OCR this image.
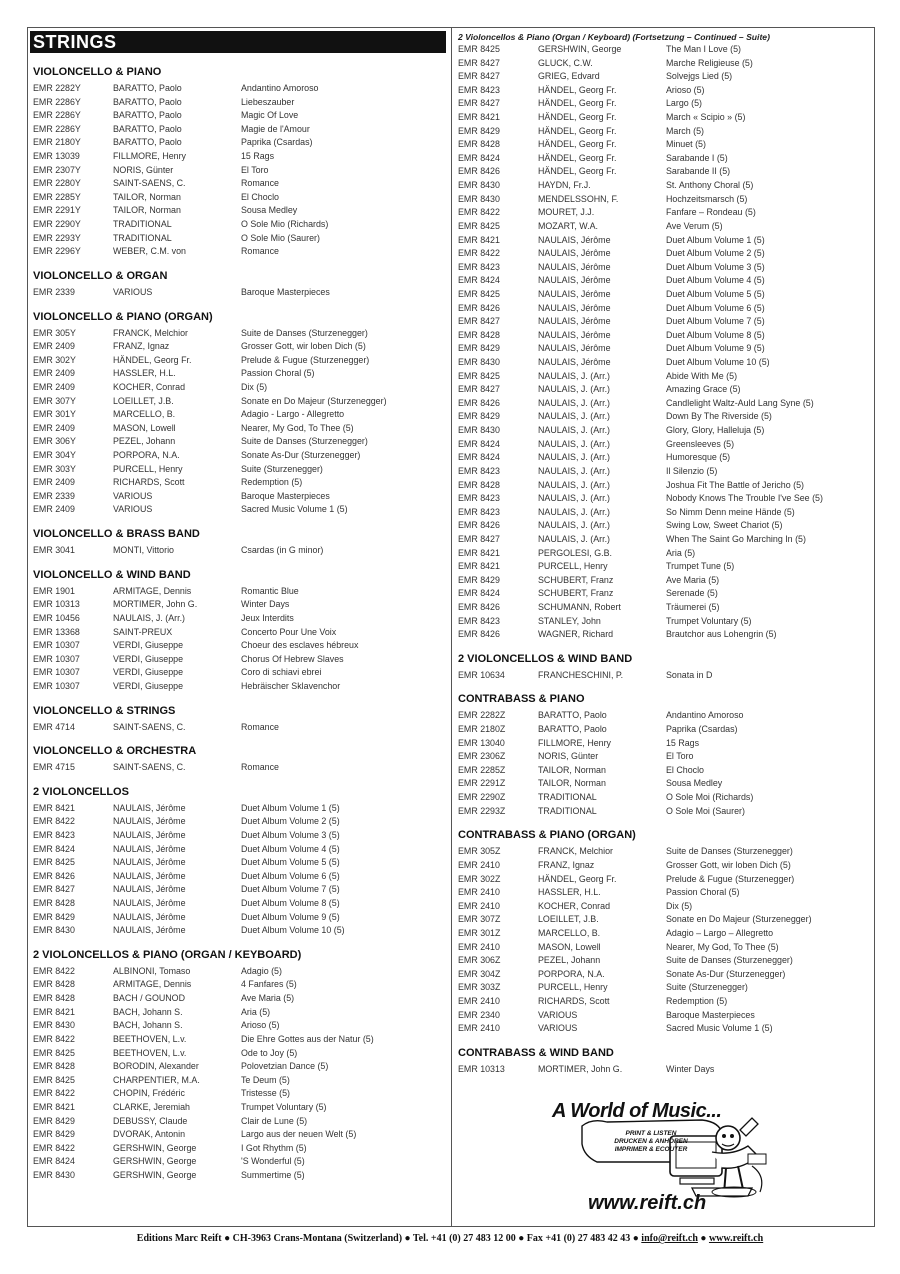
STRINGS
VIOLONCELLO & PIANO
EMR 2282Y	BARATTO, Paolo	Andantino Amoroso
EMR 2286Y	BARATTO, Paolo	Liebeszauber
EMR 2286Y	BARATTO, Paolo	Magic Of Love
EMR 2286Y	BARATTO, Paolo	Magie de l'Amour
EMR 2180Y	BARATTO, Paolo	Paprika (Csardas)
EMR 13039	FILLMORE, Henry	15 Rags
EMR 2307Y	NORIS, Günter	El Toro
EMR 2280Y	SAINT-SAENS, C.	Romance
EMR 2285Y	TAILOR, Norman	El Choclo
EMR 2291Y	TAILOR, Norman	Sousa Medley
EMR 2290Y	TRADITIONAL	O Sole Mio (Richards)
EMR 2293Y	TRADITIONAL	O Sole Mio (Saurer)
EMR 2296Y	WEBER, C.M. von	Romance
VIOLONCELLO & ORGAN
EMR 2339	VARIOUS	Baroque Masterpieces
VIOLONCELLO & PIANO (ORGAN)
EMR 305Y	FRANCK, Melchior	Suite de Danses (Sturzenegger)
EMR 2409	FRANZ, Ignaz	Grosser Gott, wir loben Dich (5)
EMR 302Y	HÄNDEL, Georg Fr.	Prelude & Fugue (Sturzenegger)
EMR 2409	HASSLER, H.L.	Passion Choral (5)
EMR 2409	KOCHER, Conrad	Dix (5)
EMR 307Y	LOEILLET, J.B.	Sonate en Do Majeur (Sturzenegger)
EMR 301Y	MARCELLO, B.	Adagio - Largo - Allegretto
EMR 2409	MASON, Lowell	Nearer, My God, To Thee (5)
EMR 306Y	PEZEL, Johann	Suite de Danses (Sturzenegger)
EMR 304Y	PORPORA, N.A.	Sonate As-Dur (Sturzenegger)
EMR 303Y	PURCELL, Henry	Suite (Sturzenegger)
EMR 2409	RICHARDS, Scott	Redemption (5)
EMR 2339	VARIOUS	Baroque Masterpieces
EMR 2409	VARIOUS	Sacred Music Volume 1 (5)
VIOLONCELLO & BRASS BAND
EMR 3041	MONTI, Vittorio	Csardas (in G minor)
VIOLONCELLO & WIND BAND
EMR 1901	ARMITAGE, Dennis	Romantic Blue
EMR 10313	MORTIMER, John G.	Winter Days
EMR 10456	NAULAIS, J. (Arr.)	Jeux Interdits
EMR 13368	SAINT-PREUX	Concerto Pour Une Voix
EMR 10307	VERDI, Giuseppe	Choeur des esclaves hébreux
EMR 10307	VERDI, Giuseppe	Chorus Of Hebrew Slaves
EMR 10307	VERDI, Giuseppe	Coro di schiavi ebrei
EMR 10307	VERDI, Giuseppe	Hebräischer Sklavenchor
VIOLONCELLO & STRINGS
EMR 4714	SAINT-SAENS, C.	Romance
VIOLONCELLO & ORCHESTRA
EMR 4715	SAINT-SAENS, C.	Romance
2 VIOLONCELLOS
EMR 8421	NAULAIS, Jérôme	Duet Album Volume 1 (5)
EMR 8422	NAULAIS, Jérôme	Duet Album Volume 2 (5)
EMR 8423	NAULAIS, Jérôme	Duet Album Volume 3 (5)
EMR 8424	NAULAIS, Jérôme	Duet Album Volume 4 (5)
EMR 8425	NAULAIS, Jérôme	Duet Album Volume 5 (5)
EMR 8426	NAULAIS, Jérôme	Duet Album Volume 6 (5)
EMR 8427	NAULAIS, Jérôme	Duet Album Volume 7 (5)
EMR 8428	NAULAIS, Jérôme	Duet Album Volume 8 (5)
EMR 8429	NAULAIS, Jérôme	Duet Album Volume 9 (5)
EMR 8430	NAULAIS, Jérôme	Duet Album Volume 10 (5)
2 VIOLONCELLOS & PIANO (ORGAN / KEYBOARD)
EMR 8422	ALBINONI, Tomaso	Adagio (5)
EMR 8428	ARMITAGE, Dennis	4 Fanfares (5)
EMR 8428	BACH / GOUNOD	Ave Maria (5)
EMR 8421	BACH, Johann S.	Aria (5)
EMR 8430	BACH, Johann S.	Arioso (5)
EMR 8422	BEETHOVEN, L.v.	Die Ehre Gottes aus der Natur (5)
EMR 8425	BEETHOVEN, L.v.	Ode to Joy (5)
EMR 8428	BORODIN, Alexander	Polovetzian Dance (5)
EMR 8425	CHARPENTIER, M.A.	Te Deum (5)
EMR 8422	CHOPIN, Frédéric	Tristesse (5)
EMR 8421	CLARKE, Jeremiah	Trumpet Voluntary (5)
EMR 8429	DEBUSSY, Claude	Clair de Lune (5)
EMR 8429	DVORAK, Antonin	Largo aus der neuen Welt (5)
EMR 8422	GERSHWIN, George	I Got Rhythm (5)
EMR 8424	GERSHWIN, George	'S Wonderful (5)
EMR 8430	GERSHWIN, George	Summertime (5)
2 Violoncellos & Piano (Organ / Keyboard) (Fortsetzung – Continued – Suite)
EMR 8425	GERSHWIN, George	The Man I Love (5)
EMR 8427	GLUCK, C.W.	Marche Religieuse (5)
EMR 8427	GRIEG, Edvard	Solvejgs Lied (5)
EMR 8423	HÄNDEL, Georg Fr.	Arioso (5)
EMR 8427	HÄNDEL, Georg Fr.	Largo (5)
EMR 8421	HÄNDEL, Georg Fr.	March « Scipio » (5)
EMR 8429	HÄNDEL, Georg Fr.	March (5)
EMR 8428	HÄNDEL, Georg Fr.	Minuet (5)
EMR 8424	HÄNDEL, Georg Fr.	Sarabande I (5)
EMR 8426	HÄNDEL, Georg Fr.	Sarabande II (5)
EMR 8430	HAYDN, Fr.J.	St. Anthony Choral (5)
EMR 8430	MENDELSSOHN, F.	Hochzeitsmarsch (5)
EMR 8422	MOURET, J.J.	Fanfare – Rondeau (5)
EMR 8425	MOZART, W.A.	Ave Verum (5)
EMR 8421	NAULAIS, Jérôme	Duet Album Volume 1 (5)
EMR 8422	NAULAIS, Jérôme	Duet Album Volume 2 (5)
EMR 8423	NAULAIS, Jérôme	Duet Album Volume 3 (5)
EMR 8424	NAULAIS, Jérôme	Duet Album Volume 4 (5)
EMR 8425	NAULAIS, Jérôme	Duet Album Volume 5 (5)
EMR 8426	NAULAIS, Jérôme	Duet Album Volume 6 (5)
EMR 8427	NAULAIS, Jérôme	Duet Album Volume 7 (5)
EMR 8428	NAULAIS, Jérôme	Duet Album Volume 8 (5)
EMR 8429	NAULAIS, Jérôme	Duet Album Volume 9 (5)
EMR 8430	NAULAIS, Jérôme	Duet Album Volume 10 (5)
EMR 8425	NAULAIS, J. (Arr.)	Abide With Me (5)
EMR 8427	NAULAIS, J. (Arr.)	Amazing Grace (5)
EMR 8426	NAULAIS, J. (Arr.)	Candlelight Waltz-Auld Lang Syne (5)
EMR 8429	NAULAIS, J. (Arr.)	Down By The Riverside (5)
EMR 8430	NAULAIS, J. (Arr.)	Glory, Glory, Halleluja (5)
EMR 8424	NAULAIS, J. (Arr.)	Greensleeves (5)
EMR 8424	NAULAIS, J. (Arr.)	Humoresque (5)
EMR 8423	NAULAIS, J. (Arr.)	Il Silenzio (5)
EMR 8428	NAULAIS, J. (Arr.)	Joshua Fit The Battle of Jericho (5)
EMR 8423	NAULAIS, J. (Arr.)	Nobody Knows The Trouble I've See (5)
EMR 8423	NAULAIS, J. (Arr.)	So Nimm Denn meine Hände (5)
EMR 8426	NAULAIS, J. (Arr.)	Swing Low, Sweet Chariot (5)
EMR 8427	NAULAIS, J. (Arr.)	When The Saint Go Marching In (5)
EMR 8421	PERGOLESI, G.B.	Aria (5)
EMR 8421	PURCELL, Henry	Trumpet Tune (5)
EMR 8429	SCHUBERT, Franz	Ave Maria (5)
EMR 8424	SCHUBERT, Franz	Serenade (5)
EMR 8426	SCHUMANN, Robert	Träumerei (5)
EMR 8423	STANLEY, John	Trumpet Voluntary (5)
EMR 8426	WAGNER, Richard	Brautchor aus Lohengrin (5)
2 VIOLONCELLOS & WIND BAND
EMR 10634	FRANCHESCHINI, P.	Sonata in D
CONTRABASS & PIANO
EMR 2282Z	BARATTO, Paolo	Andantino Amoroso
EMR 2180Z	BARATTO, Paolo	Paprika (Csardas)
EMR 13040	FILLMORE, Henry	15 Rags
EMR 2306Z	NORIS, Günter	El Toro
EMR 2285Z	TAILOR, Norman	El Choclo
EMR 2291Z	TAILOR, Norman	Sousa Medley
EMR 2290Z	TRADITIONAL	O Sole Moi (Richards)
EMR 2293Z	TRADITIONAL	O Sole Moi (Saurer)
CONTRABASS & PIANO (ORGAN)
EMR 305Z	FRANCK, Melchior	Suite de Danses (Sturzenegger)
EMR 2410	FRANZ, Ignaz	Grosser Gott, wir loben Dich (5)
EMR 302Z	HÄNDEL, Georg Fr.	Prelude & Fugue (Sturzenegger)
EMR 2410	HASSLER, H.L.	Passion Choral (5)
EMR 2410	KOCHER, Conrad	Dix (5)
EMR 307Z	LOEILLET, J.B.	Sonate en Do Majeur (Sturzenegger)
EMR 301Z	MARCELLO, B.	Adagio – Largo – Allegretto
EMR 2410	MASON, Lowell	Nearer, My God, To Thee (5)
EMR 306Z	PEZEL, Johann	Suite de Danses (Sturzenegger)
EMR 304Z	PORPORA, N.A.	Sonate As-Dur (Sturzenegger)
EMR 303Z	PURCELL, Henry	Suite (Sturzenegger)
EMR 2410	RICHARDS, Scott	Redemption (5)
EMR 2340	VARIOUS	Baroque Masterpieces
EMR 2410	VARIOUS	Sacred Music Volume 1 (5)
CONTRABASS & WIND BAND
EMR 10313	MORTIMER, John G.	Winter Days
A World of Music...
PRINT & LISTEN
DRUCKEN & ANHÖREN
IMPRIMER & ECOUTER
www.reift.ch
Editions Marc Reift ● CH-3963 Crans-Montana (Switzerland) ● Tel. +41 (0) 27 483 12 00 ● Fax +41 (0) 27 483 42 43 ● info@reift.ch ● www.reift.ch
